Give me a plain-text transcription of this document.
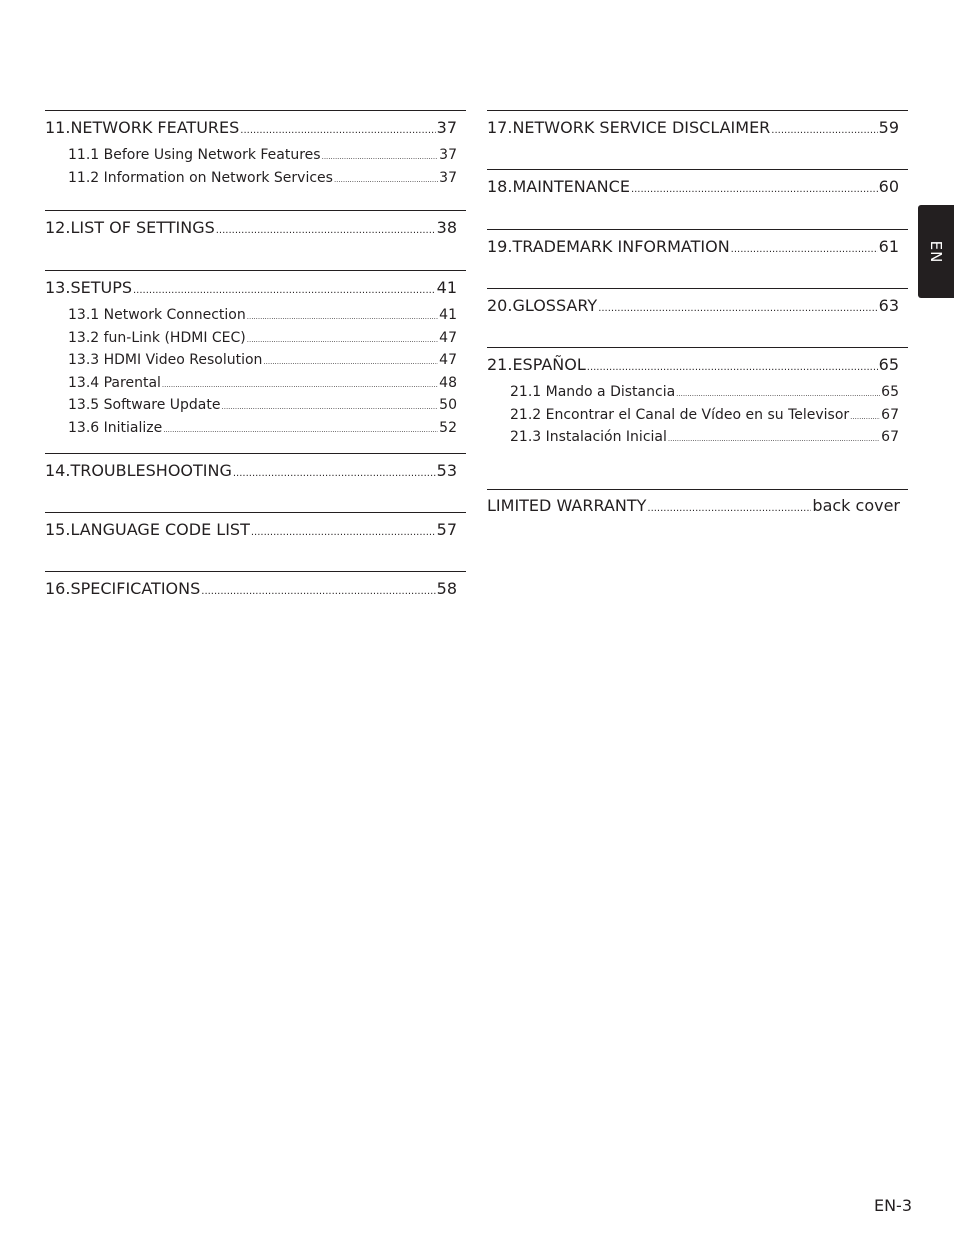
11.NETWORK FEATURES .....	37
11.1 Before Using Network Features .....	37
11.2 Information on Network Services .....	37
12.LIST OF SETTINGS .....	38
13.SETUPS .....	41
13.1 Network Connection .....	41
13.2 fun-Link (HDMI CEC) .....	47
13.3 HDMI Video Resolution .....	47
13.4 Parental .....	48
13.5 Software Update .....	50
13.6 Initialize .....	52
14.TROUBLESHOOTING .....	53
15.LANGUAGE CODE LIST .....	57
16.SPECIFICATIONS .....	58
17.NETWORK SERVICE DISCLAIMER .....	59
18.MAINTENANCE .....	60
19.TRADEMARK INFORMATION .....	61
20.GLOSSARY .....	63
21.ESPAÑOL .....	65
21.1 Mando a Distancia .....	65
21.2 Encontrar el Canal de Vídeo en su Televisor ..... 67
21.3 Instalación Inicial .....	67
LIMITED WARRANTY .....	back cover
EN
EN-3
